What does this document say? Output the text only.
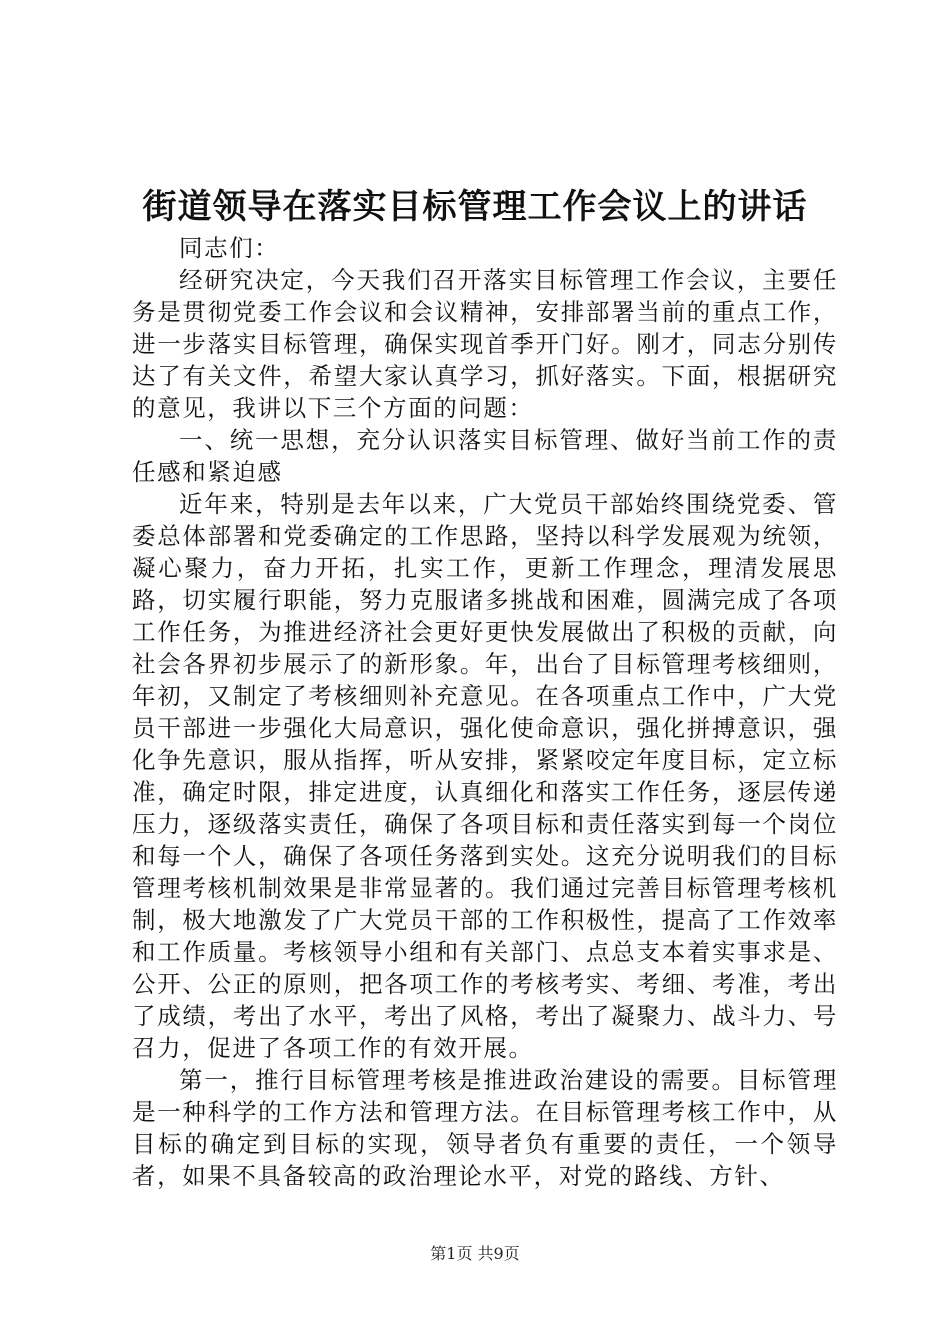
街道领导在落实目标管理工作会议上的讲话

同志们：

经研究决定，今天我们召开落实目标管理工作会议，主要任务是贯彻党委工作会议和会议精神，安排部署当前的重点工作，进一步落实目标管理，确保实现首季开门好。刚才，同志分别传达了有关文件，希望大家认真学习，抓好落实。下面，根据研究的意见，我讲以下三个方面的问题：

一、统一思想，充分认识落实目标管理、做好当前工作的责任感和紧迫感

近年来，特别是去年以来，广大党员干部始终围绕党委、管委总体部署和党委确定的工作思路，坚持以科学发展观为统领，凝心聚力，奋力开拓，扎实工作，更新工作理念，理清发展思路，切实履行职能，努力克服诸多挑战和困难，圆满完成了各项工作任务，为推进经济社会更好更快发展做出了积极的贡献，向社会各界初步展示了的新形象。年，出台了目标管理考核细则，年初，又制定了考核细则补充意见。在各项重点工作中，广大党员干部进一步强化大局意识，强化使命意识，强化拼搏意识，强化争先意识，服从指挥，听从安排，紧紧咬定年度目标，定立标准，确定时限，排定进度，认真细化和落实工作任务，逐层传递压力，逐级落实责任，确保了各项目标和责任落实到每一个岗位和每一个人，确保了各项任务落到实处。这充分说明我们的目标管理考核机制效果是非常显著的。我们通过完善目标管理考核机制，极大地激发了广大党员干部的工作积极性，提高了工作效率和工作质量。考核领导小组和有关部门、点总支本着实事求是、公开、公正的原则，把各项工作的考核考实、考细、考准，考出了成绩，考出了水平，考出了风格，考出了凝聚力、战斗力、号召力，促进了各项工作的有效开展。

第一，推行目标管理考核是推进政治建设的需要。目标管理是一种科学的工作方法和管理方法。在目标管理考核工作中，从目标的确定到目标的实现，领导者负有重要的责任，一个领导者，如果不具备较高的政治理论水平，对党的路线、方针、

第1页 共9页
